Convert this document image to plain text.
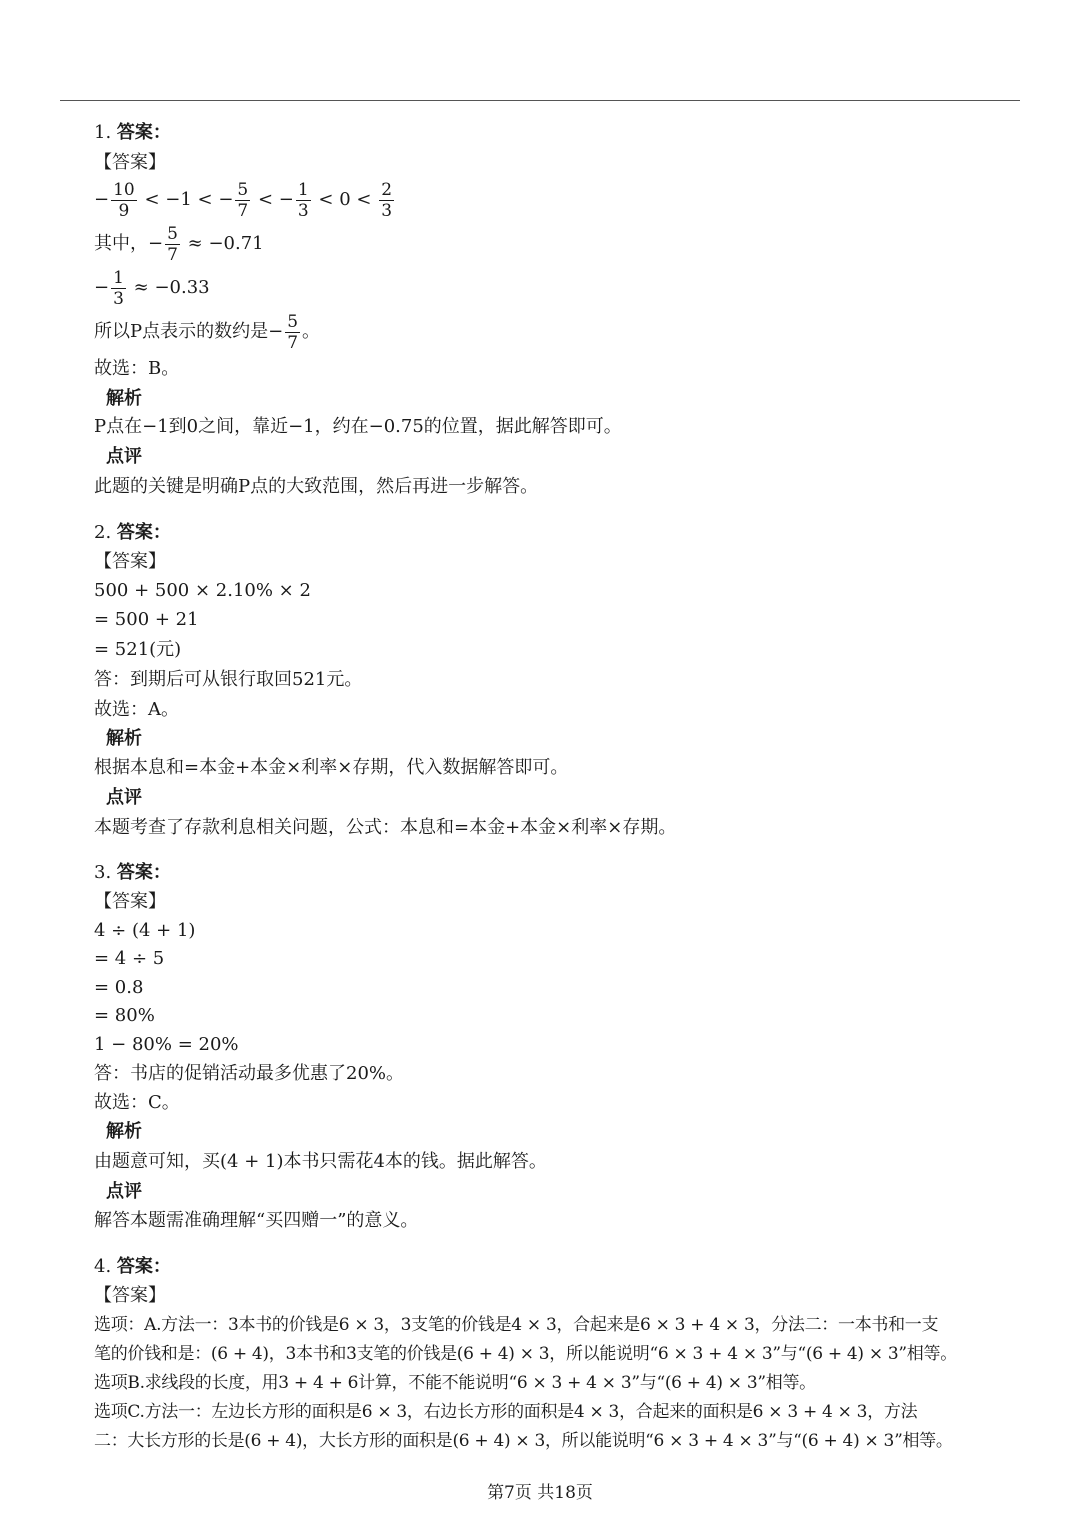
1. 答案：
【答案】
− $\frac{10}{9} < -1$ < − $\frac{5}{7}$ < − $\frac{1}{3} < 0 < \frac{2}{3}$
其中，− $\frac{5}{7} \approx -0.71$
− $\frac{1}{3} \approx -0.33$
所以P点表示的数约是− $\frac{5}{7}$ 。
故选：B。
解析
P点在−1到0之间，靠近−1，约在−0.75的位置，据此解答即可。
点评
此题的关键是明确P点的大致范围，然后再进一步解答。
2. 答案：
【答案】
500 + 500 × 2.10% × 2
= 500 + 21
= 521(元)
答：到期后可从银行取回521元。
故选：A。
解析
根据本息和=本金+本金×利率×存期，代入数据解答即可。
点评
本题考查了存款利息相关问题，公式：本息和=本金+本金×利率×存期。
3. 答案：
【答案】
4 ÷ (4 + 1)
= 4 ÷ 5
= 0.8
= 80%
1 − 80% = 20%
答：书店的促销活动最多优惠了20%。
故选：C。
解析
由题意可知，买(4 + 1)本书只需花4本的钱。据此解答。
点评
解答本题需准确理解“买四赠一”的意义。
4. 答案：
【答案】
选项：A.方法一：3本书的价钱是6 × 3，3支笔的价钱是4 × 3，合起来是6 × 3 + 4 × 3，分法二：一本书和一支
笔的价钱和是：(6 + 4)，3本书和3支笔的价钱是(6 + 4) × 3，所以能说明“6 × 3 + 4 × 3”与“(6 + 4) × 3”相等。
选项B.求线段的长度，用3 + 4 + 6计算，不能不能说明“6 × 3 + 4 × 3”与“(6 + 4) × 3”相等。
选项C.方法一：左边长方形的面积是6 × 3，右边长方形的面积是4 × 3，合起来的面积是6 × 3 + 4 × 3，方法
二：大长方形的长是(6 + 4)，大长方形的面积是(6 + 4) × 3，所以能说明“6 × 3 + 4 × 3”与“(6 + 4) × 3”相等。
第7页 共18页
